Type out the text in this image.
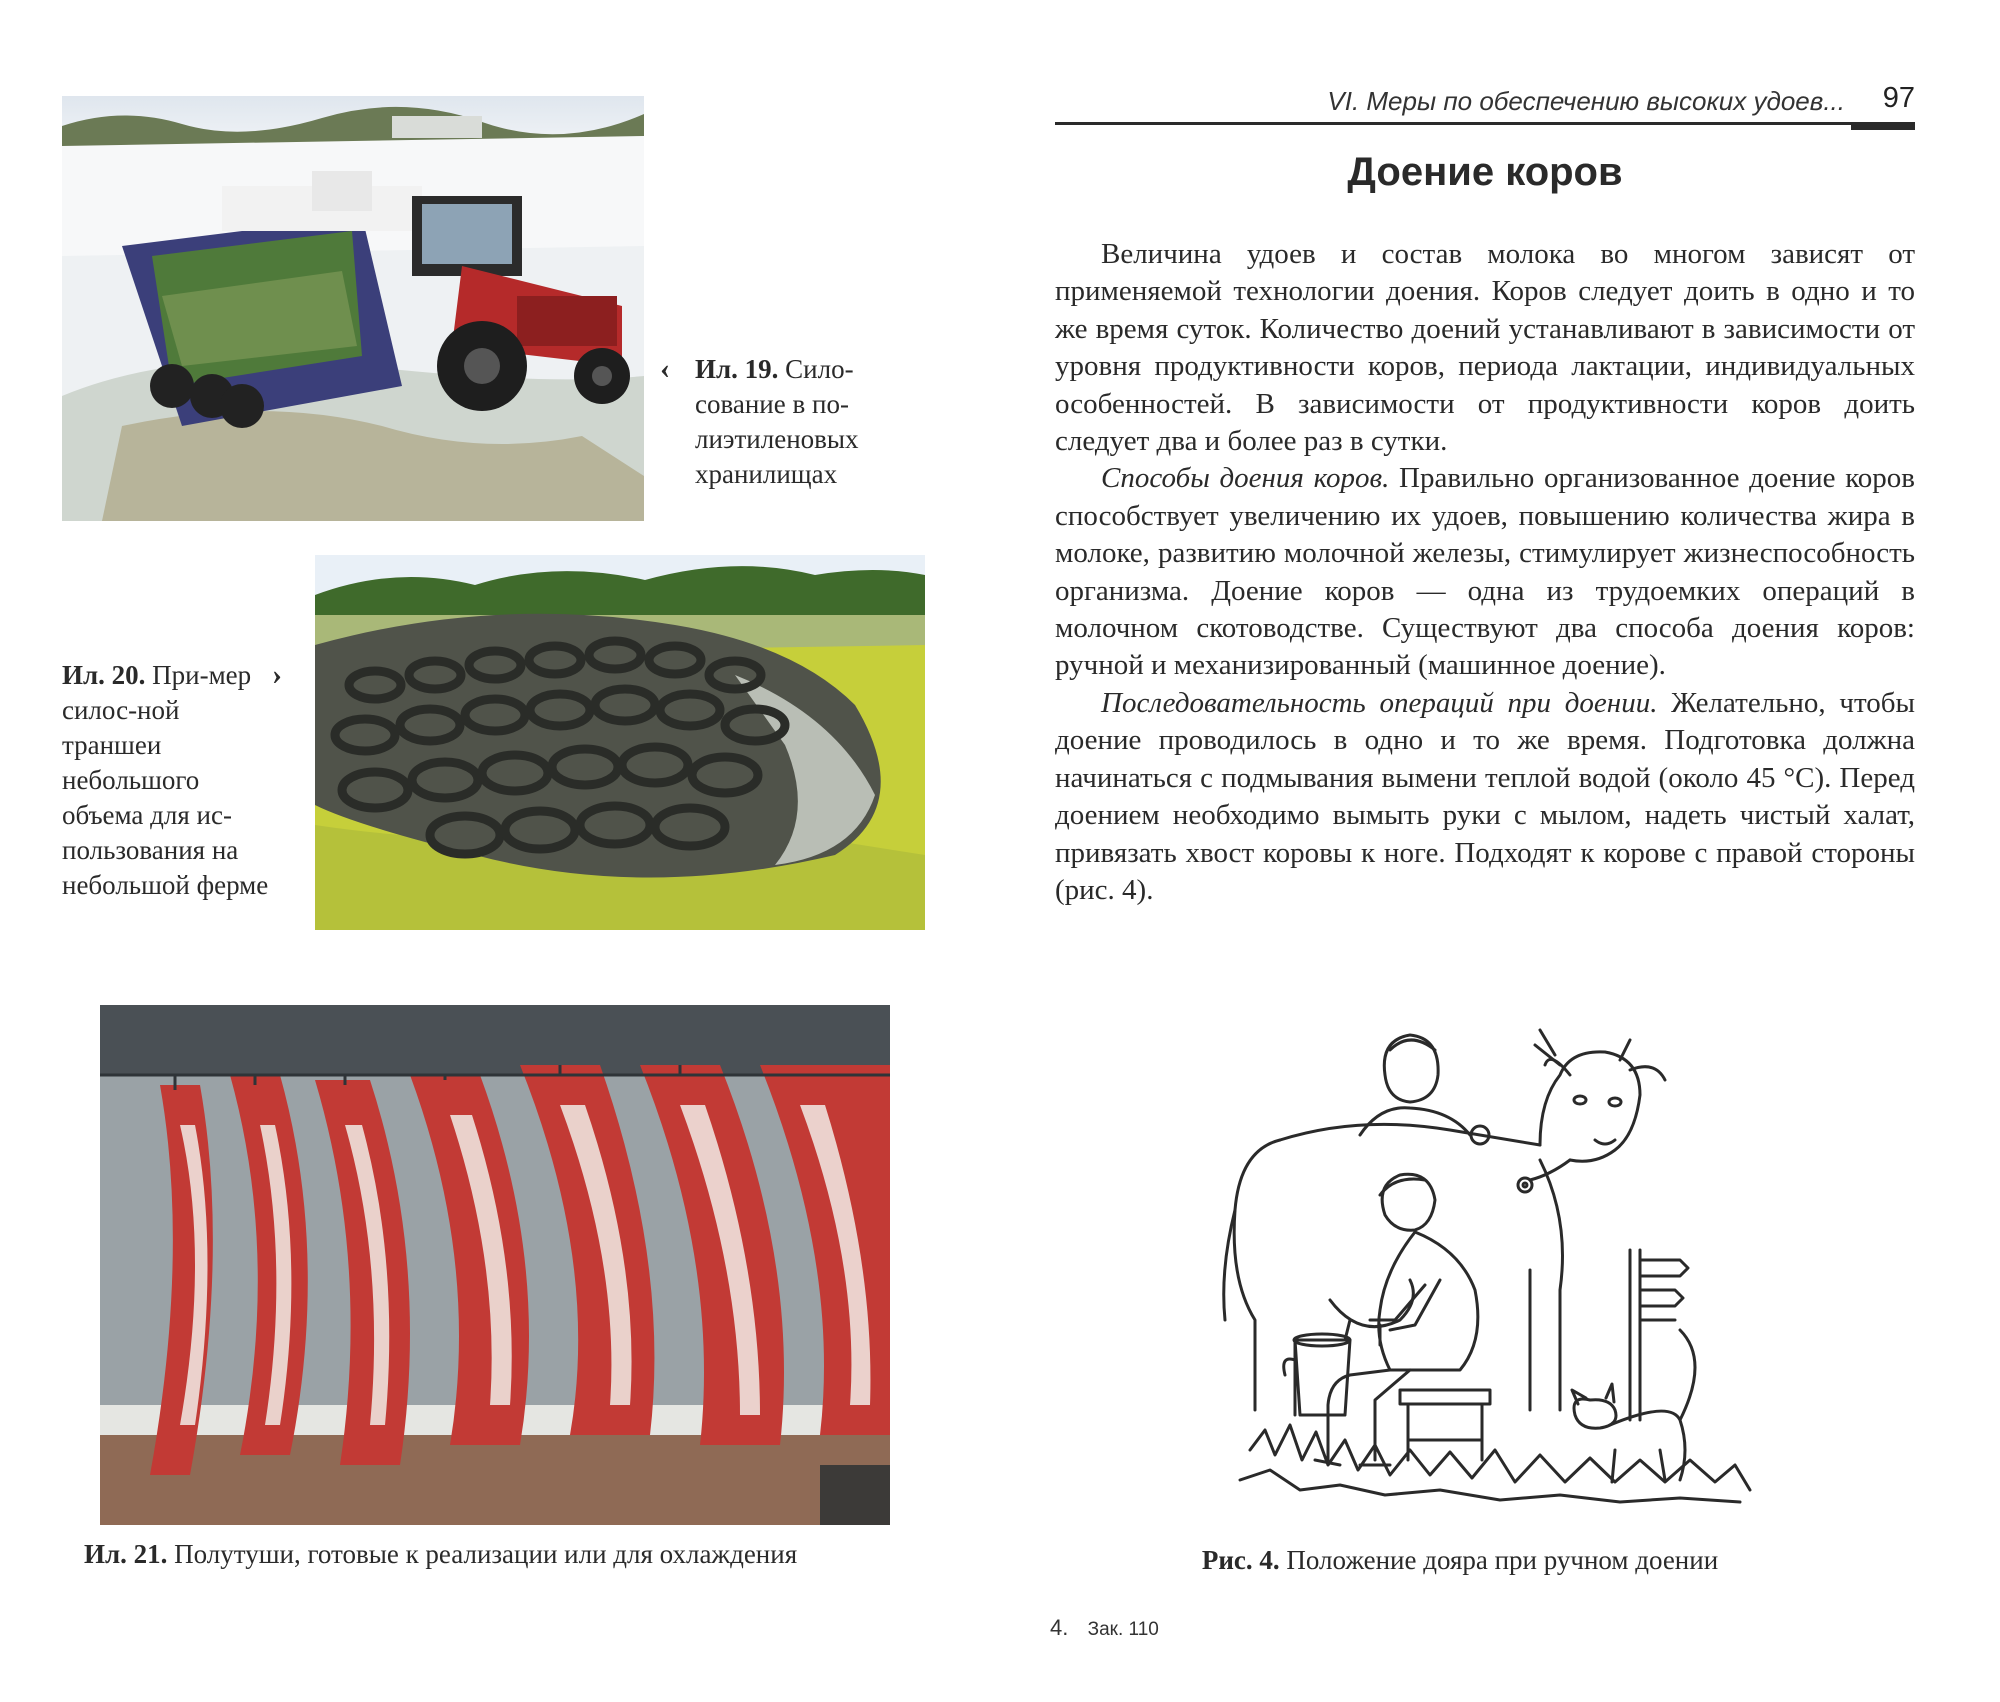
‹ Ил. 19. Сило-сование в по-лиэтиленовых хранилищах
Ил. 20. При-мер силос-ной траншеи небольшого объема для ис-пользования на небольшой ферме
›
Ил. 21. Полутуши, готовые к реализации или для охлаждения
VI. Меры по обеспечению высоких удоев... 97
Доение коров

Величина удоев и состав молока во многом зависят от применяемой технологии доения. Коров следует доить в одно и то же время суток. Количество доений устанавливают в зависимости от уровня продуктивности коров, периода лактации, индивидуальных особенностей. В зависимости от продуктивности коров доить следует два и более раз в сутки.

Способы доения коров. Правильно организованное доение коров способствует увеличению их удоев, повышению количества жира в молоке, развитию молочной железы, стимулирует жизнеспособность организма. Доение коров — одна из трудоемких операций в молочном скотоводстве. Существуют два способа доения коров: ручной и механизированный (машинное доение).

Последовательность операций при доении. Желательно, чтобы доение проводилось в одно и то же время. Подготовка должна начинаться с подмывания вымени теплой водой (около 45 °С). Перед доением необходимо вымыть руки с мылом, надеть чистый халат, привязать хвост коровы к ноге. Подходят к корове с правой стороны (рис. 4).

Рис. 4. Положение дояра при ручном доении
4. Зак. 110
